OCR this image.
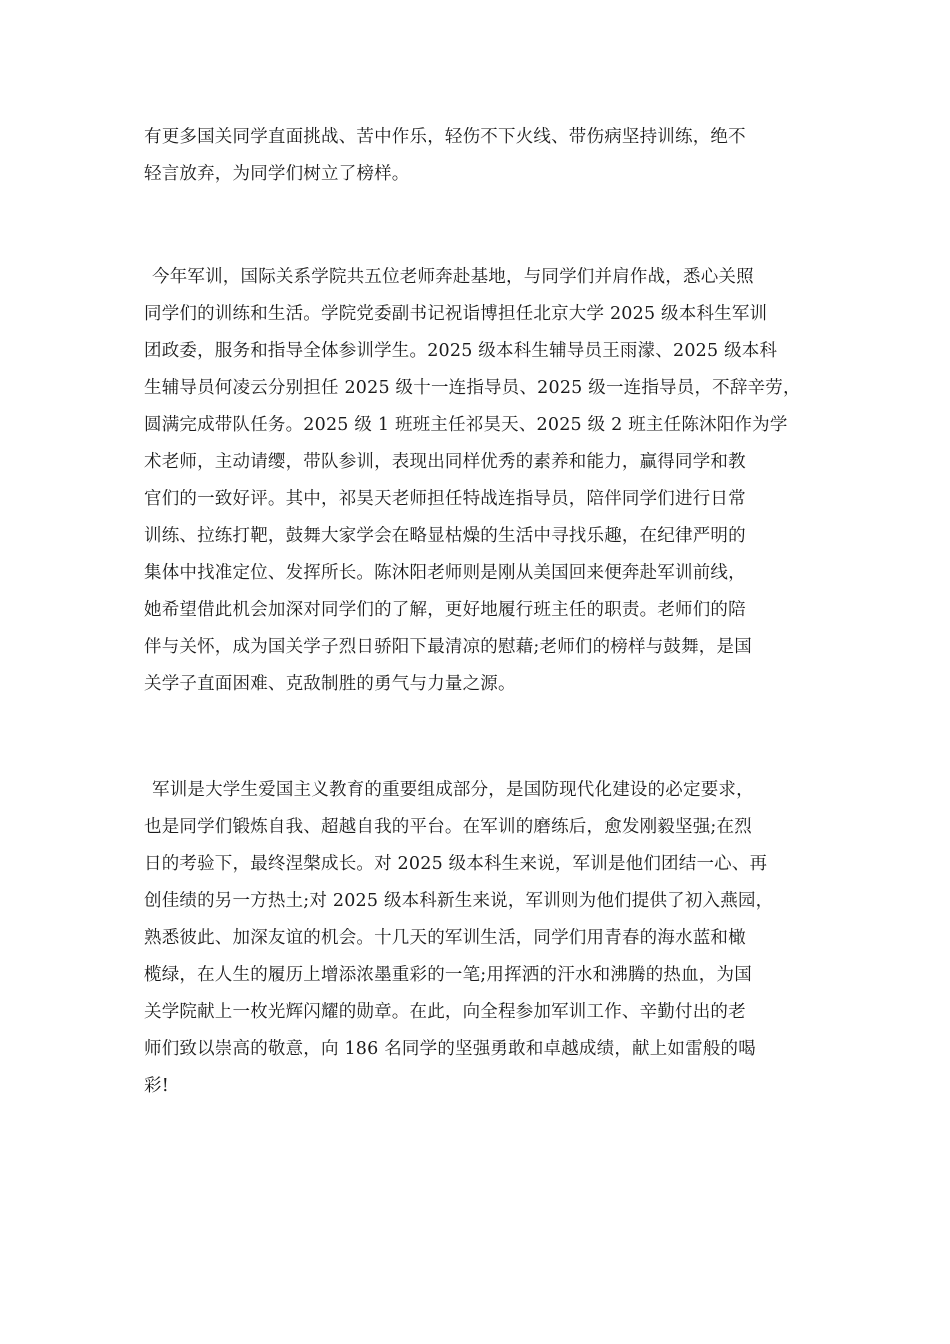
有更多国关同学直面挑战、苦中作乐，轻伤不下火线、带伤病坚持训练，绝不
轻言放弃，为同学们树立了榜样。
今年军训，国际关系学院共五位老师奔赴基地，与同学们并肩作战，悉心关照
同学们的训练和生活。学院党委副书记祝诣博担任北京大学 2025 级本科生军训
团政委，服务和指导全体参训学生。2025 级本科生辅导员王雨濛、2025 级本科
生辅导员何凌云分别担任 2025 级十一连指导员、2025 级一连指导员，不辞辛劳，
圆满完成带队任务。2025 级 1 班班主任祁昊天、2025 级 2 班主任陈沐阳作为学
术老师，主动请缨，带队参训，表现出同样优秀的素养和能力，赢得同学和教
官们的一致好评。其中，祁昊天老师担任特战连指导员，陪伴同学们进行日常
训练、拉练打靶，鼓舞大家学会在略显枯燥的生活中寻找乐趣，在纪律严明的
集体中找准定位、发挥所长。陈沐阳老师则是刚从美国回来便奔赴军训前线，
她希望借此机会加深对同学们的了解，更好地履行班主任的职责。老师们的陪
伴与关怀，成为国关学子烈日骄阳下最清凉的慰藉;老师们的榜样与鼓舞，是国
关学子直面困难、克敌制胜的勇气与力量之源。
军训是大学生爱国主义教育的重要组成部分，是国防现代化建设的必定要求，
也是同学们锻炼自我、超越自我的平台。在军训的磨练后，愈发刚毅坚强;在烈
日的考验下，最终涅槃成长。对 2025 级本科生来说，军训是他们团结一心、再
创佳绩的另一方热土;对 2025 级本科新生来说，军训则为他们提供了初入燕园，
熟悉彼此、加深友谊的机会。十几天的军训生活，同学们用青春的海水蓝和橄
榄绿，在人生的履历上增添浓墨重彩的一笔;用挥洒的汗水和沸腾的热血，为国
关学院献上一枚光辉闪耀的勋章。在此，向全程参加军训工作、辛勤付出的老
师们致以崇高的敬意，向 186 名同学的坚强勇敢和卓越成绩，献上如雷般的喝
彩!
